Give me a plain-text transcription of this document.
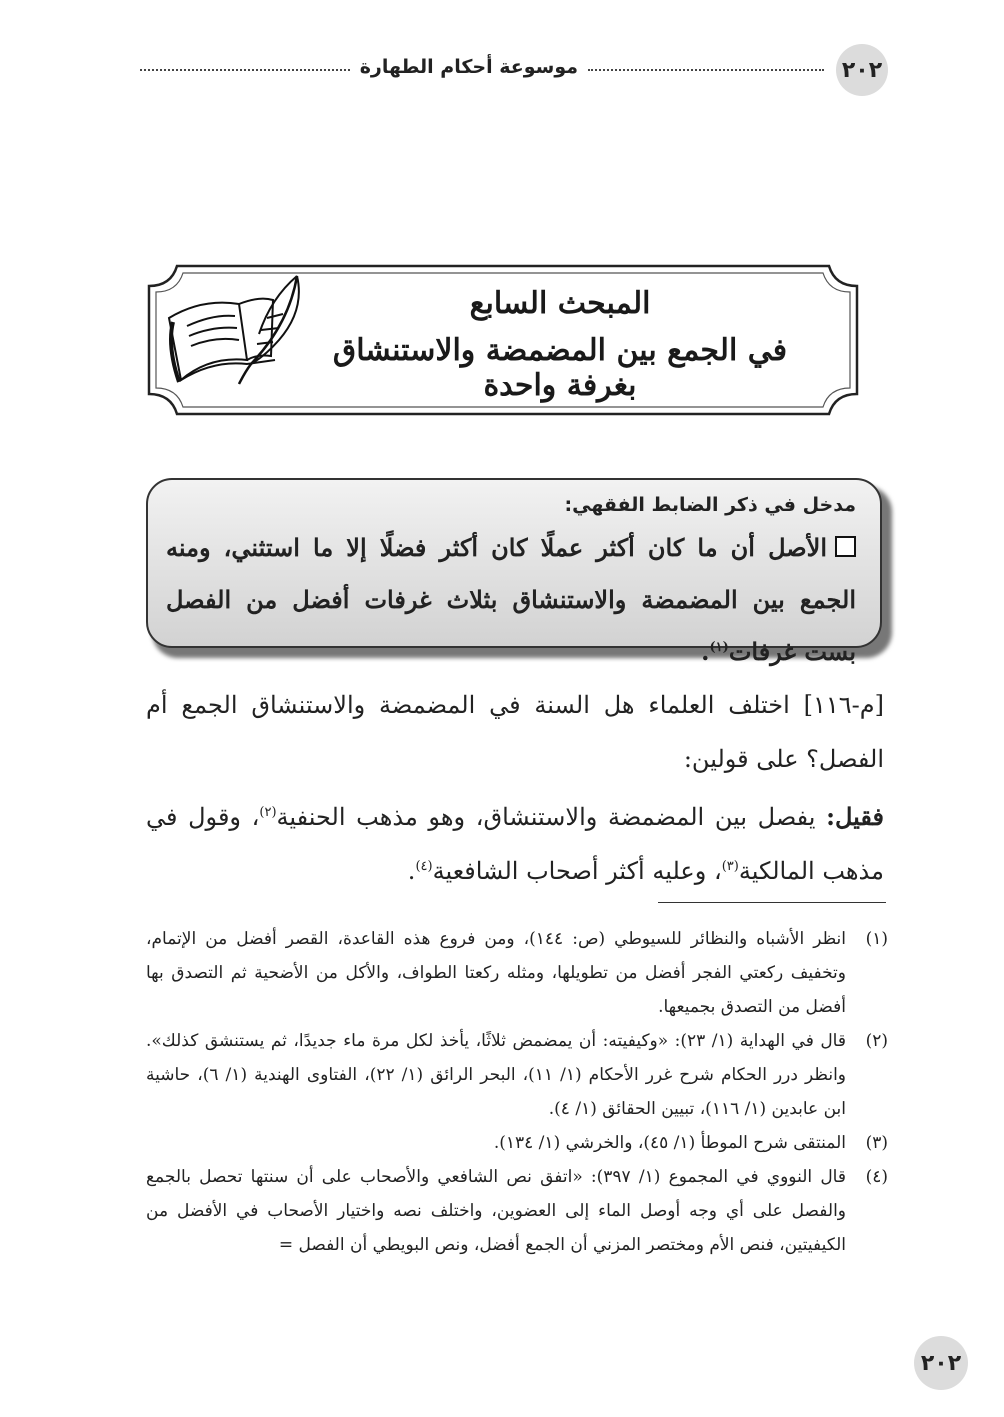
٢٠٢
موسوعة أحكام الطهارة
المبحث السابع
في الجمع بين المضمضة والاستنشاق بغرفة واحدة
مدخل في ذكر الضابط الفقهي:
الأصل أن ما كان أكثر عملًا كان أكثر فضلًا إلا ما استثني، ومنه الجمع بين المضمضة والاستنشاق بثلاث غرفات أفضل من الفصل بست غرفات$^{(١)}$.
[م-١١٦] اختلف العلماء هل السنة في المضمضة والاستنشاق الجمع أم الفصل؟ على قولين:
فقيل: يفصل بين المضمضة والاستنشاق، وهو مذهب الحنفية$^{(٢)}$، وقول في مذهب المالكية$^{(٣)}$، وعليه أكثر أصحاب الشافعية$^{(٤)}$.
(١)
انظر الأشباه والنظائر للسيوطي (ص: ١٤٤)، ومن فروع هذه القاعدة، القصر أفضل من الإتمام، وتخفيف ركعتي الفجر أفضل من تطويلها، ومثله ركعتا الطواف، والأكل من الأضحية ثم التصدق بها أفضل من التصدق بجميعها.
(٢)
قال في الهداية (١/ ٢٣): «وكيفيته: أن يمضمض ثلاثًا، يأخذ لكل مرة ماء جديدًا، ثم يستنشق كذلك». وانظر درر الحكام شرح غرر الأحكام (١/ ١١)، البحر الرائق (١/ ٢٢)، الفتاوى الهندية (١/ ٦)، حاشية ابن عابدين (١/ ١١٦)، تبيين الحقائق (١/ ٤).
(٣)
المنتقى شرح الموطأ (١/ ٤٥)، والخرشي (١/ ١٣٤).
(٤)
قال النووي في المجموع (١/ ٣٩٧): «اتفق نص الشافعي والأصحاب على أن سنتها تحصل بالجمع والفصل على أي وجه أوصل الماء إلى العضوين، واختلف نصه واختيار الأصحاب في الأفضل من الكيفيتين، فنص الأم ومختصر المزني أن الجمع أفضل، ونص البويطي أن الفصل =
٢٠٢
